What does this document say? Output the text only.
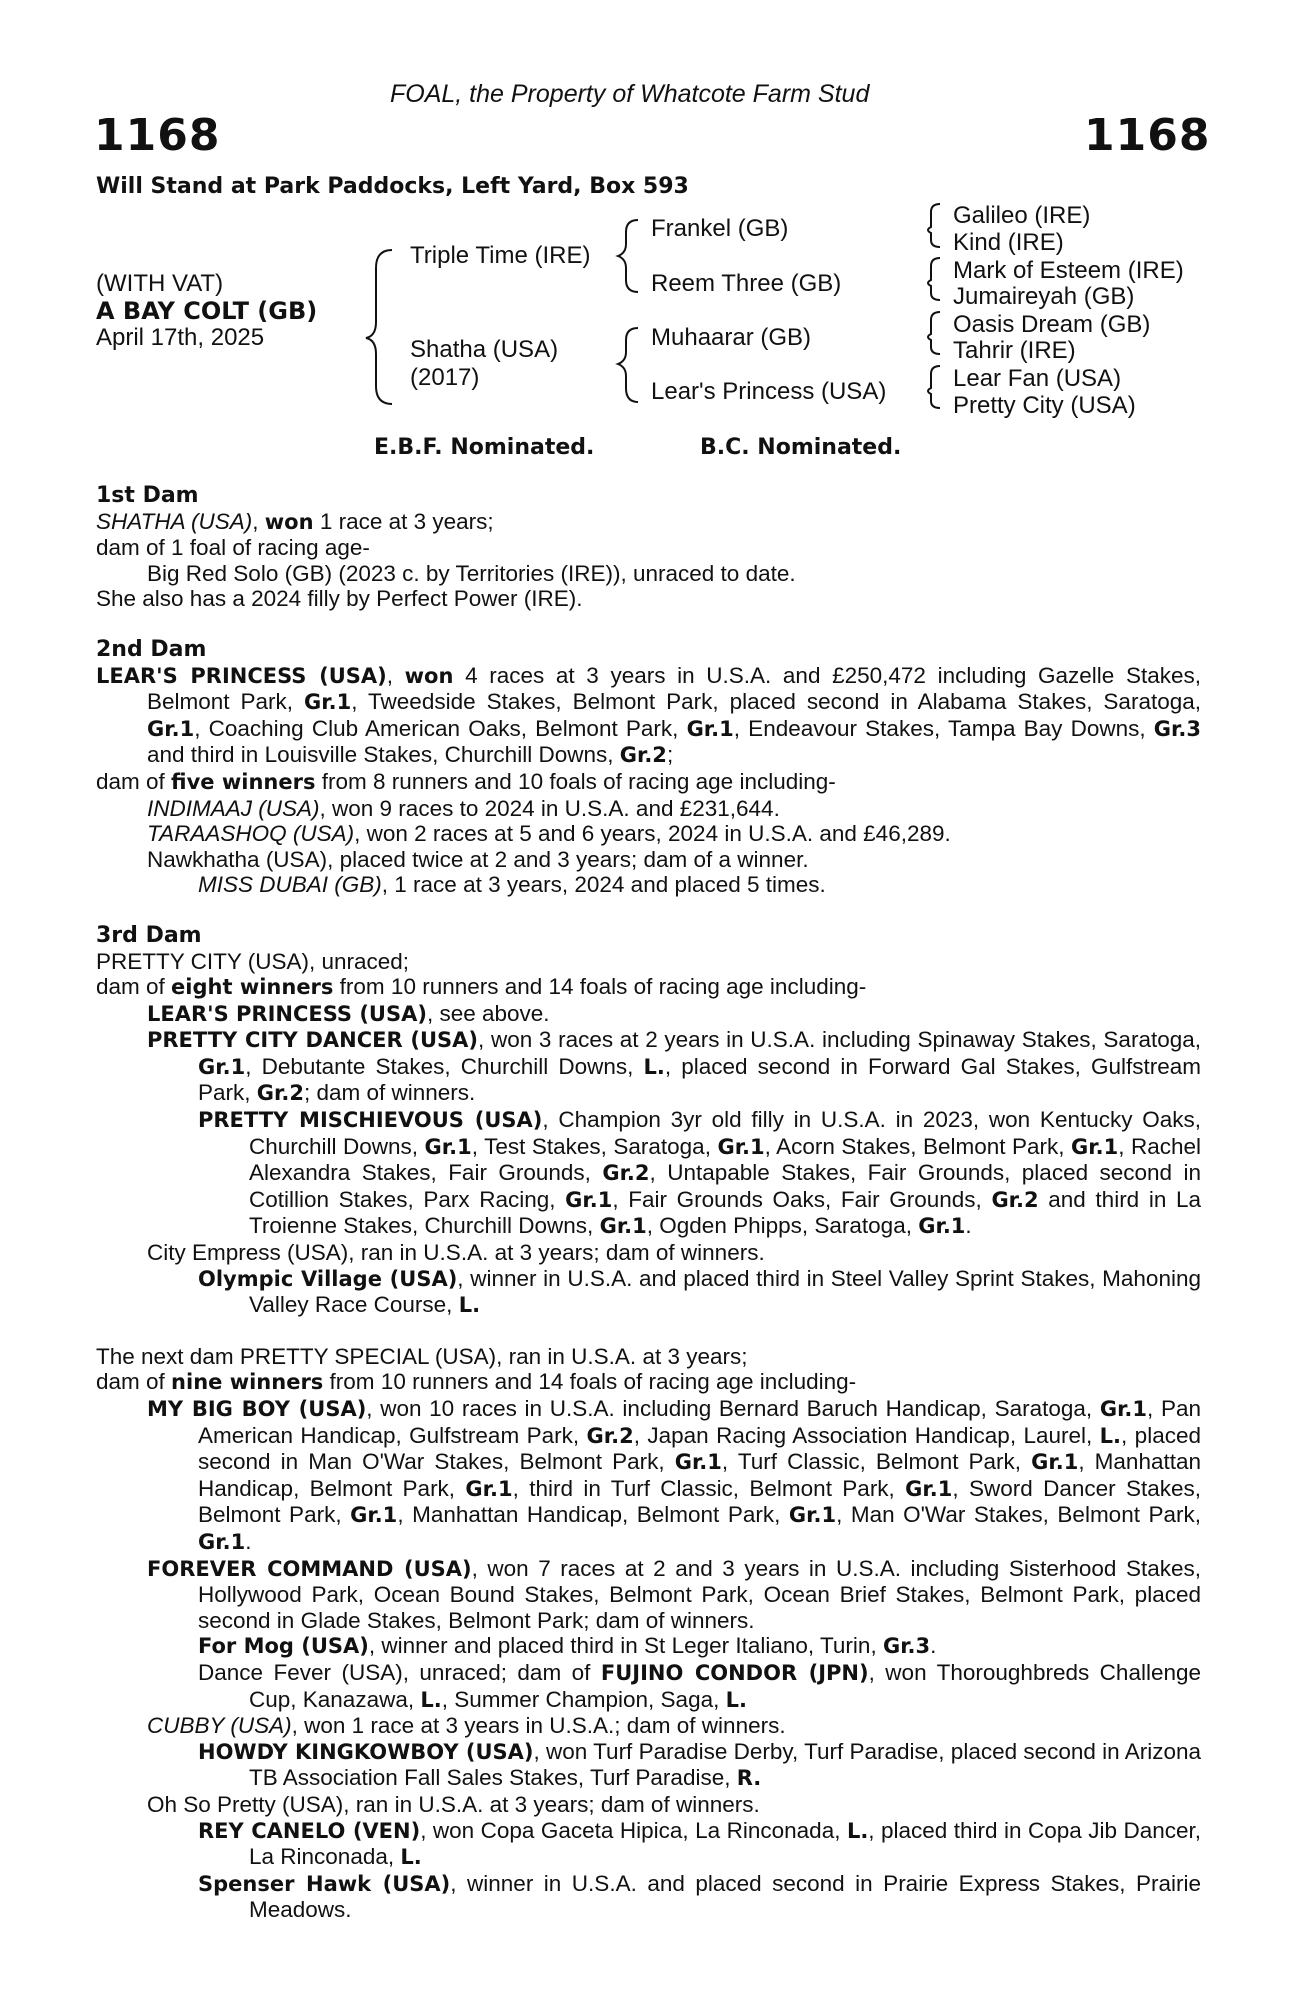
FOAL, the Property of Whatcote Farm Stud
1168	1168
Will Stand at Park Paddocks, Left Yard, Box 593
(WITH VAT)
A BAY COLT (GB)
April 17th, 2025
Triple Time (IRE)
Shatha (USA)
(2017)
Frankel (GB)
Reem Three (GB)
Muhaarar (GB)
Lear's Princess (USA)
Galileo (IRE)
Kind (IRE)
Mark of Esteem (IRE)
Jumaireyah (GB)
Oasis Dream (GB)
Tahrir (IRE)
Lear Fan (USA)
Pretty City (USA)
E.B.F. Nominated.	B.C. Nominated.

1st Dam

SHATHA (USA), won 1 race at 3 years;

dam of 1 foal of racing age-

Big Red Solo (GB) (2023 c. by Territories (IRE)), unraced to date.

She also has a 2024 filly by Perfect Power (IRE).

2nd Dam

LEAR'S PRINCESS (USA), won 4 races at 3 years in U.S.A. and £250,472 including Gazelle Stakes, Belmont Park, Gr.1, Tweedside Stakes, Belmont Park, placed second in Alabama Stakes, Saratoga, Gr.1, Coaching Club American Oaks, Belmont Park, Gr.1, Endeavour Stakes, Tampa Bay Downs, Gr.3 and third in Louisville Stakes, Churchill Downs, Gr.2;

dam of five winners from 8 runners and 10 foals of racing age including-

INDIMAAJ (USA), won 9 races to 2024 in U.S.A. and £231,644.

TARAASHOQ (USA), won 2 races at 5 and 6 years, 2024 in U.S.A. and £46,289.

Nawkhatha (USA), placed twice at 2 and 3 years; dam of a winner.

MISS DUBAI (GB), 1 race at 3 years, 2024 and placed 5 times.

3rd Dam

PRETTY CITY (USA), unraced;

dam of eight winners from 10 runners and 14 foals of racing age including-

LEAR'S PRINCESS (USA), see above.

PRETTY CITY DANCER (USA), won 3 races at 2 years in U.S.A. including Spinaway Stakes, Saratoga, Gr.1, Debutante Stakes, Churchill Downs, L., placed second in Forward Gal Stakes, Gulfstream Park, Gr.2; dam of winners.

PRETTY MISCHIEVOUS (USA), Champion 3yr old filly in U.S.A. in 2023, won Kentucky Oaks, Churchill Downs, Gr.1, Test Stakes, Saratoga, Gr.1, Acorn Stakes, Belmont Park, Gr.1, Rachel Alexandra Stakes, Fair Grounds, Gr.2, Untapable Stakes, Fair Grounds, placed second in Cotillion Stakes, Parx Racing, Gr.1, Fair Grounds Oaks, Fair Grounds, Gr.2 and third in La Troienne Stakes, Churchill Downs, Gr.1, Ogden Phipps, Saratoga, Gr.1.

City Empress (USA), ran in U.S.A. at 3 years; dam of winners.

Olympic Village (USA), winner in U.S.A. and placed third in Steel Valley Sprint Stakes, Mahoning Valley Race Course, L.

The next dam PRETTY SPECIAL (USA), ran in U.S.A. at 3 years;

dam of nine winners from 10 runners and 14 foals of racing age including-

MY BIG BOY (USA), won 10 races in U.S.A. including Bernard Baruch Handicap, Saratoga, Gr.1, Pan American Handicap, Gulfstream Park, Gr.2, Japan Racing Association Handicap, Laurel, L., placed second in Man O'War Stakes, Belmont Park, Gr.1, Turf Classic, Belmont Park, Gr.1, Manhattan Handicap, Belmont Park, Gr.1, third in Turf Classic, Belmont Park, Gr.1, Sword Dancer Stakes, Belmont Park, Gr.1, Manhattan Handicap, Belmont Park, Gr.1, Man O'War Stakes, Belmont Park, Gr.1.

FOREVER COMMAND (USA), won 7 races at 2 and 3 years in U.S.A. including Sisterhood Stakes, Hollywood Park, Ocean Bound Stakes, Belmont Park, Ocean Brief Stakes, Belmont Park, placed second in Glade Stakes, Belmont Park; dam of winners.

For Mog (USA), winner and placed third in St Leger Italiano, Turin, Gr.3.

Dance Fever (USA), unraced; dam of FUJINO CONDOR (JPN), won Thoroughbreds Challenge Cup, Kanazawa, L., Summer Champion, Saga, L.

CUBBY (USA), won 1 race at 3 years in U.S.A.; dam of winners.

HOWDY KINGKOWBOY (USA), won Turf Paradise Derby, Turf Paradise, placed second in Arizona TB Association Fall Sales Stakes, Turf Paradise, R.

Oh So Pretty (USA), ran in U.S.A. at 3 years; dam of winners.

REY CANELO (VEN), won Copa Gaceta Hipica, La Rinconada, L., placed third in Copa Jib Dancer, La Rinconada, L.

Spenser Hawk (USA), winner in U.S.A. and placed second in Prairie Express Stakes, Prairie Meadows.
